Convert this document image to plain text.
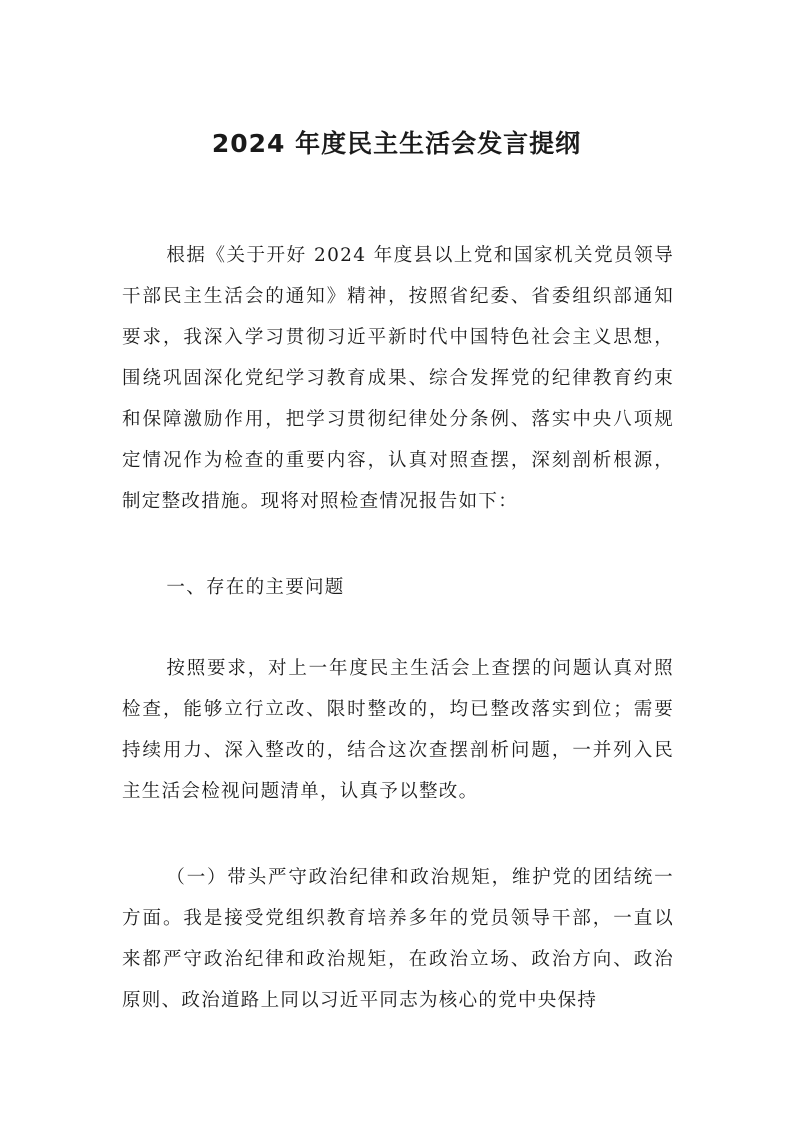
2024 年度民主生活会发言提纲

根据《关于开好 2024 年度县以上党和国家机关党员领导干部民主生活会的通知》精神，按照省纪委、省委组织部通知要求，我深入学习贯彻习近平新时代中国特色社会主义思想，围绕巩固深化党纪学习教育成果、综合发挥党的纪律教育约束和保障激励作用，把学习贯彻纪律处分条例、落实中央八项规定情况作为检查的重要内容，认真对照查摆，深刻剖析根源，制定整改措施。现将对照检查情况报告如下：

一、存在的主要问题

按照要求，对上一年度民主生活会上查摆的问题认真对照检查，能够立行立改、限时整改的，均已整改落实到位；需要持续用力、深入整改的，结合这次查摆剖析问题，一并列入民主生活会检视问题清单，认真予以整改。

（一）带头严守政治纪律和政治规矩，维护党的团结统一方面。我是接受党组织教育培养多年的党员领导干部，一直以来都严守政治纪律和政治规矩，在政治立场、政治方向、政治原则、政治道路上同以习近平同志为核心的党中央保持
